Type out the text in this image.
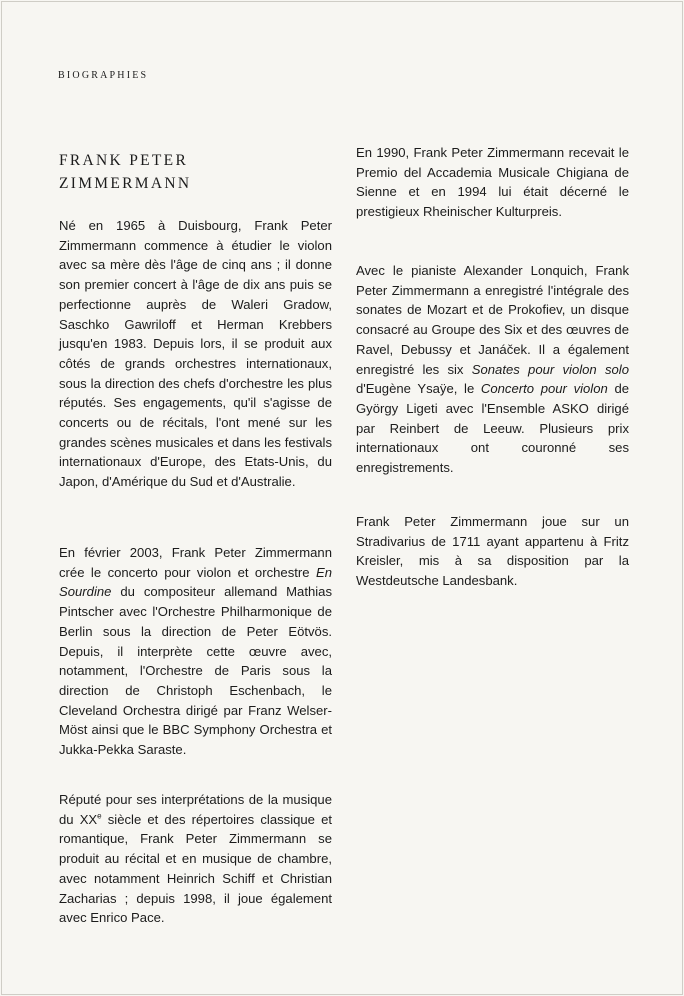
BIOGRAPHIES
FRANK PETER
ZIMMERMANN

Né en 1965 à Duisbourg, Frank Peter Zimmermann commence à étudier le violon avec sa mère dès l'âge de cinq ans ; il donne son premier concert à l'âge de dix ans puis se perfectionne auprès de Waleri Gradow, Saschko Gawriloff et Herman Krebbers jusqu'en 1983. Depuis lors, il se produit aux côtés de grands orchestres internationaux, sous la direction des chefs d'orchestre les plus réputés. Ses engagements, qu'il s'agisse de concerts ou de récitals, l'ont mené sur les grandes scènes musicales et dans les festivals internationaux d'Europe, des Etats-Unis, du Japon, d'Amérique du Sud et d'Australie.

En février 2003, Frank Peter Zimmermann crée le concerto pour violon et orchestre En Sourdine du compositeur allemand Mathias Pintscher avec l'Orchestre Philharmonique de Berlin sous la direction de Peter Eötvös. Depuis, il interprète cette œuvre avec, notamment, l'Orchestre de Paris sous la direction de Christoph Eschenbach, le Cleveland Orchestra dirigé par Franz Welser-Möst ainsi que le BBC Symphony Orchestra et Jukka-Pekka Saraste.

Réputé pour ses interprétations de la musique du XXe siècle et des répertoires classique et romantique, Frank Peter Zimmermann se produit au récital et en musique de chambre, avec notamment Heinrich Schiff et Christian Zacharias ; depuis 1998, il joue également avec Enrico Pace.

En 1990, Frank Peter Zimmermann recevait le Premio del Accademia Musicale Chigiana de Sienne et en 1994 lui était décerné le prestigieux Rheinischer Kulturpreis.

Avec le pianiste Alexander Lonquich, Frank Peter Zimmermann a enregistré l'intégrale des sonates de Mozart et de Prokofiev, un disque consacré au Groupe des Six et des œuvres de Ravel, Debussy et Janáček. Il a également enregistré les six Sonates pour violon solo d'Eugène Ysaÿe, le Concerto pour violon de György Ligeti avec l'Ensemble ASKO dirigé par Reinbert de Leeuw. Plusieurs prix internationaux ont couronné ses enregistrements.

Frank Peter Zimmermann joue sur un Stradivarius de 1711 ayant appartenu à Fritz Kreisler, mis à sa disposition par la Westdeutsche Landesbank.
